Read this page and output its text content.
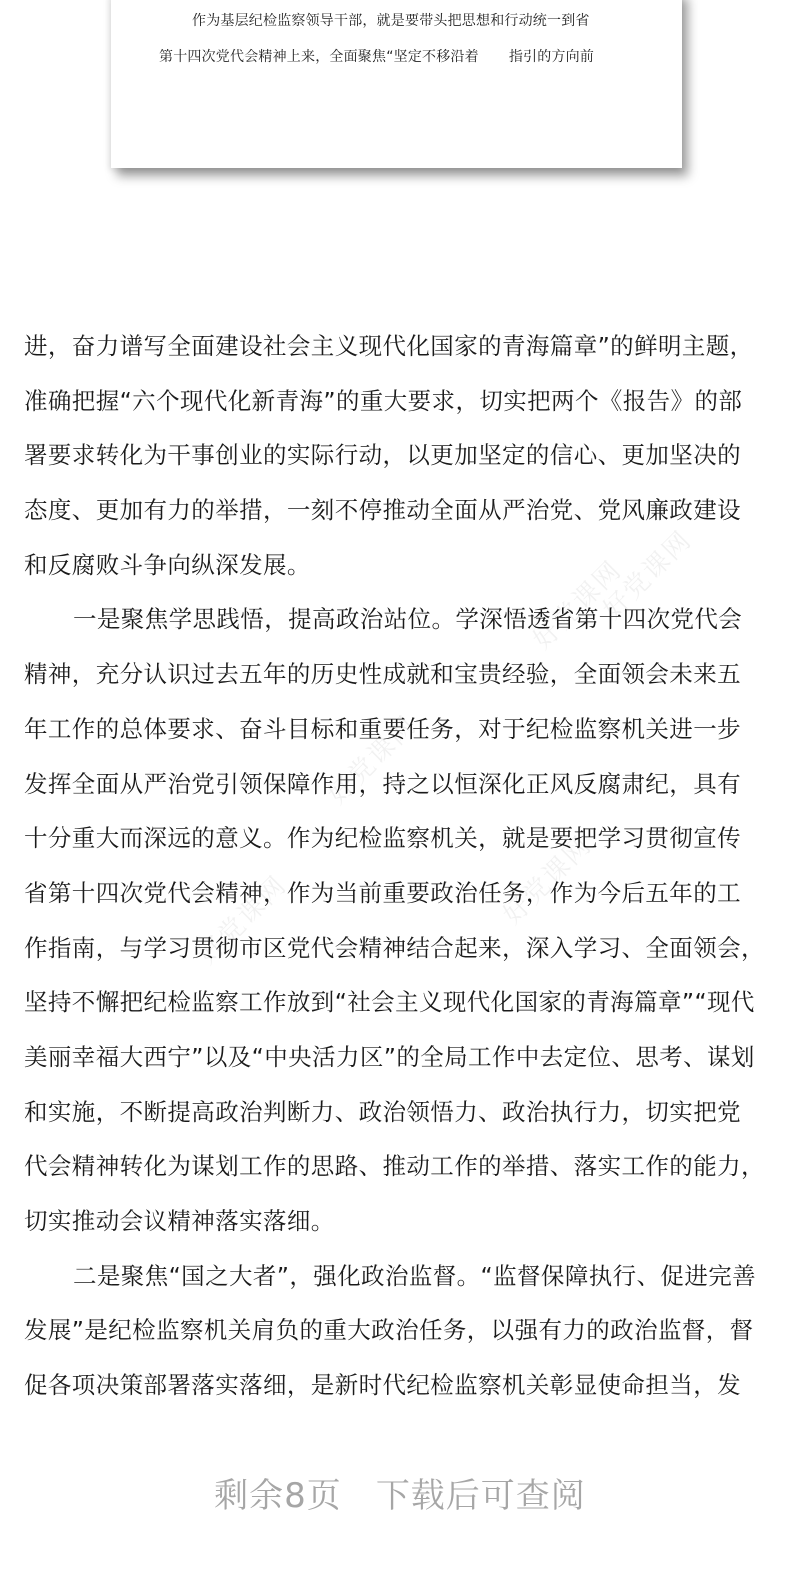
作为基层纪检监察领导干部，就是要带头把思想和行动统一到省
第十四次党代会精神上来，全面聚焦“坚定不移沿着 指引的方向前
好党课网
好党课网
好党课网	好党课网
好党课网
进，奋力谱写全面建设社会主义现代化国家的青海篇章”的鲜明主题，
准确把握“六个现代化新青海”的重大要求，切实把两个《报告》的部
署要求转化为干事创业的实际行动，以更加坚定的信心、更加坚决的
态度、更加有力的举措，一刻不停推动全面从严治党、党风廉政建设
和反腐败斗争向纵深发展。
一是聚焦学思践悟，提高政治站位。学深悟透省第十四次党代会
精神，充分认识过去五年的历史性成就和宝贵经验，全面领会未来五
年工作的总体要求、奋斗目标和重要任务，对于纪检监察机关进一步
发挥全面从严治党引领保障作用，持之以恒深化正风反腐肃纪，具有
十分重大而深远的意义。作为纪检监察机关，就是要把学习贯彻宣传
省第十四次党代会精神，作为当前重要政治任务，作为今后五年的工
作指南，与学习贯彻市区党代会精神结合起来，深入学习、全面领会，
坚持不懈把纪检监察工作放到“社会主义现代化国家的青海篇章”“现代
美丽幸福大西宁”以及“中央活力区”的全局工作中去定位、思考、谋划
和实施，不断提高政治判断力、政治领悟力、政治执行力，切实把党
代会精神转化为谋划工作的思路、推动工作的举措、落实工作的能力，
切实推动会议精神落实落细。
二是聚焦“国之大者”，强化政治监督。“监督保障执行、促进完善
发展”是纪检监察机关肩负的重大政治任务，以强有力的政治监督，督
促各项决策部署落实落细，是新时代纪检监察机关彰显使命担当，发
剩余8页 下载后可查阅
